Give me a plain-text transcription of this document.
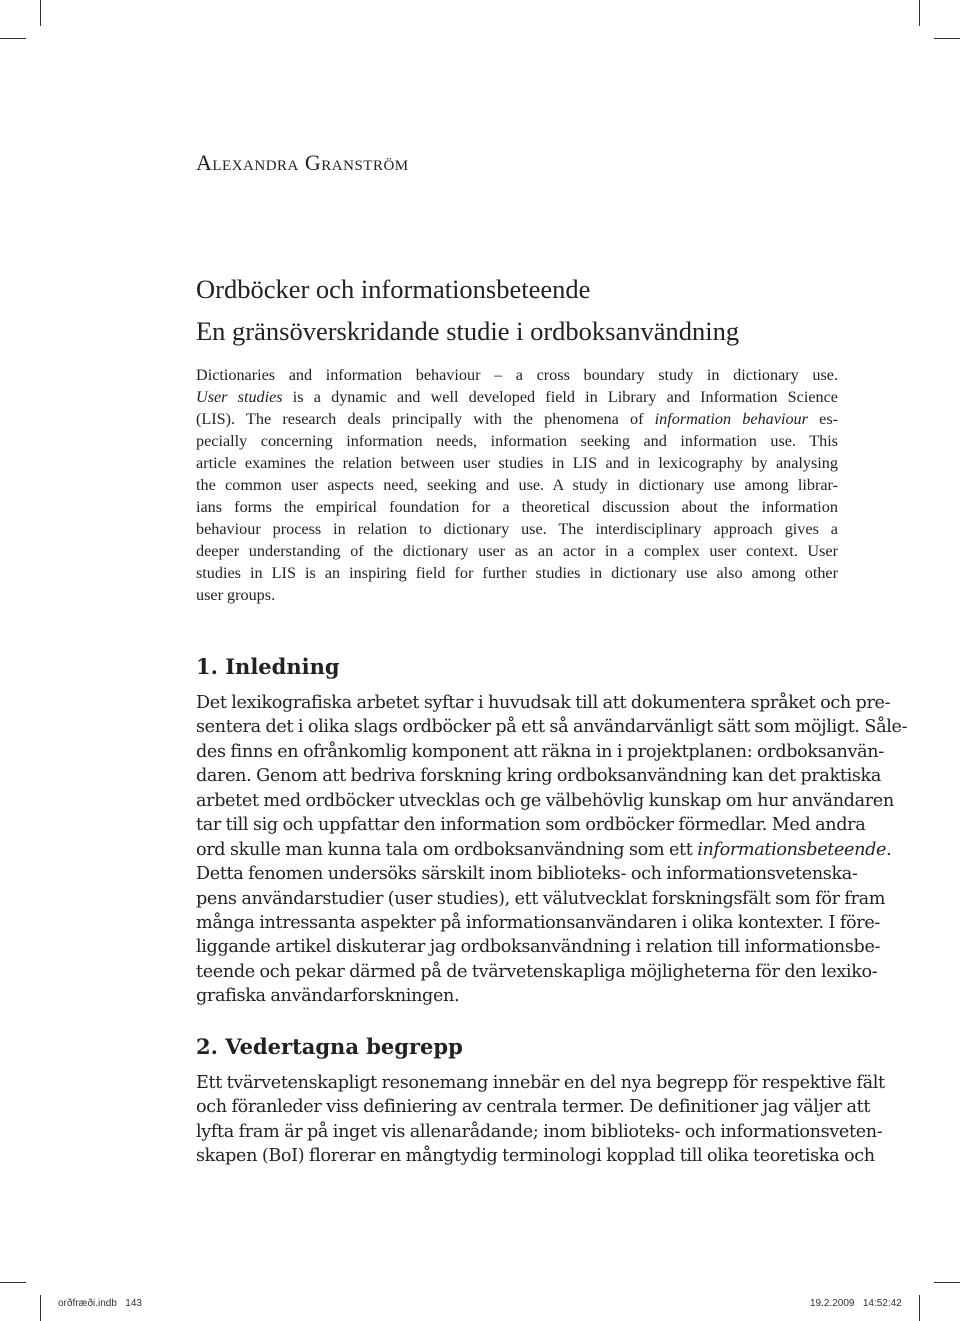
Alexandra Granström
Ordböcker och informationsbeteende
En gränsöverskridande studie i ordboksanvändning
Dictionaries and information behaviour – a cross boundary study in dictionary use.
User studies is a dynamic and well developed field in Library and Information Science
(LIS). The research deals principally with the phenomena of information behaviour es-
pecially concerning information needs, information seeking and information use. This
article examines the relation between user studies in LIS and in lexicography by analysing
the common user aspects need, seeking and use. A study in dictionary use among librar-
ians forms the empirical foundation for a theoretical discussion about the information
behaviour process in relation to dictionary use. The interdisciplinary approach gives a
deeper understanding of the dictionary user as an actor in a complex user context. User
studies in LIS is an inspiring field for further studies in dictionary use also among other
user groups.
1. Inledning
Det lexikografiska arbetet syftar i huvudsak till att dokumentera språket och pre-
sentera det i olika slags ordböcker på ett så användarvänligt sätt som möjligt. Såle-
des finns en ofrånkomlig komponent att räkna in i projektplanen: ordboksanvän-
daren. Genom att bedriva forskning kring ordboksanvändning kan det praktiska
arbetet med ordböcker utvecklas och ge välbehövlig kunskap om hur användaren
tar till sig och uppfattar den information som ordböcker förmedlar. Med andra
ord skulle man kunna tala om ordboksanvändning som ett informationsbeteende.
Detta fenomen undersöks särskilt inom biblioteks- och informationsvetenska-
pens användarstudier (user studies), ett välutvecklat forskningsfält som för fram
många intressanta aspekter på informationsanvändaren i olika kontexter. I före-
liggande artikel diskuterar jag ordboksanvändning i relation till informationsbe-
teende och pekar därmed på de tvärvetenskapliga möjligheterna för den lexiko-
grafiska användarforskningen.
2. Vedertagna begrepp
Ett tvärvetenskapligt resonemang innebär en del nya begrepp för respektive fält
och föranleder viss definiering av centrala termer. De definitioner jag väljer att
lyfta fram är på inget vis allenarådande; inom biblioteks- och informationsveten-
skapen (BoI) florerar en mångtydig terminologi kopplad till olika teoretiska och
orðfræði.indb   143	19.2.2009   14:52:42
